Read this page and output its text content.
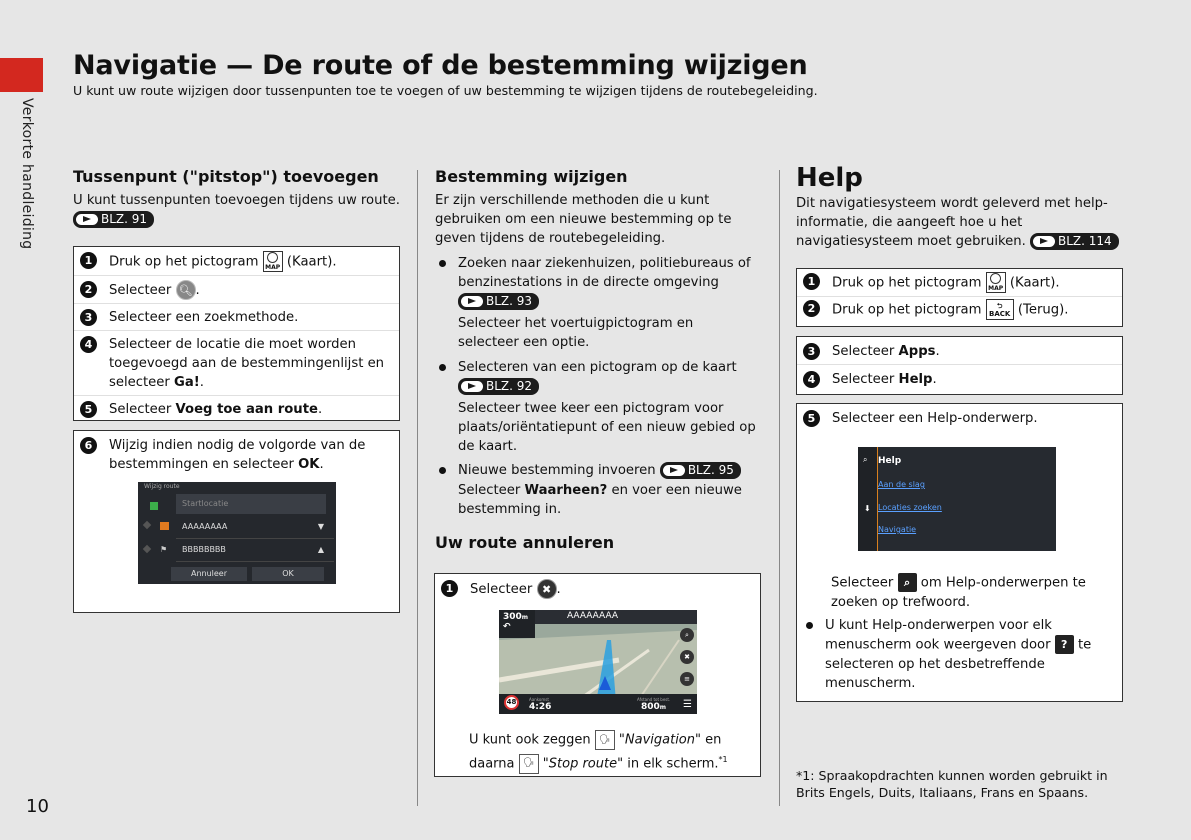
Verkorte handleiding
Navigatie — De route of de bestemming wijzigen
U kunt uw route wijzigen door tussenpunten toe te voegen of uw bestemming te wijzigen tijdens de routebegeleiding.
10
Tussenpunt ("pitstop") toevoegen
U kunt tussenpunten toevoegen tijdens uw route.

BLZ. 91
1	Druk op het pictogram MAP (Kaart).
2	Selecteer 🔍︎ .
3	Selecteer een zoekmethode.
4	Selecteer de locatie die moet worden toegevoegd aan de bestemmingenlijst en selecteer Ga!.
5	Selecteer Voeg toe aan route.
6	Wijzig indien nodig de volgorde van de bestemmingen en selecteer OK.
Wijzig route
Startlocatie
AAAAAAAA	▼
⚑	BBBBBBBB	▲
Annuleer	OK
Bestemming wijzigen
Er zijn verschillende methoden die u kunt gebruiken om een nieuwe bestemming op te geven tijdens de routebegeleiding.
Zoeken naar ziekenhuizen, politiebureaus of benzinestations in de directe omgeving

BLZ. 93
Selecteer het voertuigpictogram en selecteer een optie.
Selecteren van een pictogram op de kaart

BLZ. 92
Selecteer twee keer een pictogram voor plaats/oriëntatiepunt of een nieuw gebied op de kaart.
Nieuwe bestemming invoeren	BLZ. 95
Selecteer Waarheen? en voer een nieuwe bestemming in.
Uw route annuleren
1	Selecteer ✖ .
300m
↶
AAAAAAAA
⌕
✖
≡
48	Aankomst
4:26
Afstand tot best.
800m ☰
U kunt ook zeggen 🗣︎ "Navigation" en
daarna 🗣︎ "Stop route" in elk scherm.$^{*1}$
Help
Dit navigatiesysteem wordt geleverd met help-informatie, die aangeeft hoe u het navigatiesysteem moet gebruiken.	BLZ. 114
1	Druk op het pictogram MAP (Kaart).
2	Druk op het pictogram ⮌
BACK (Terug).
3	Selecteer Apps.
4	Selecteer Help.
5	Selecteer een Help-onderwerp.
⌕ Help
Aan de slag
⬇ Locaties zoeken
Navigatie
Selecteer ⌕ om Help-onderwerpen te zoeken op trefwoord.
U kunt Help-onderwerpen voor elk menuscherm ook weergeven door ? te selecteren op het desbetreffende menuscherm.
*1: Spraakopdrachten kunnen worden gebruikt in Brits Engels, Duits, Italiaans, Frans en Spaans.
